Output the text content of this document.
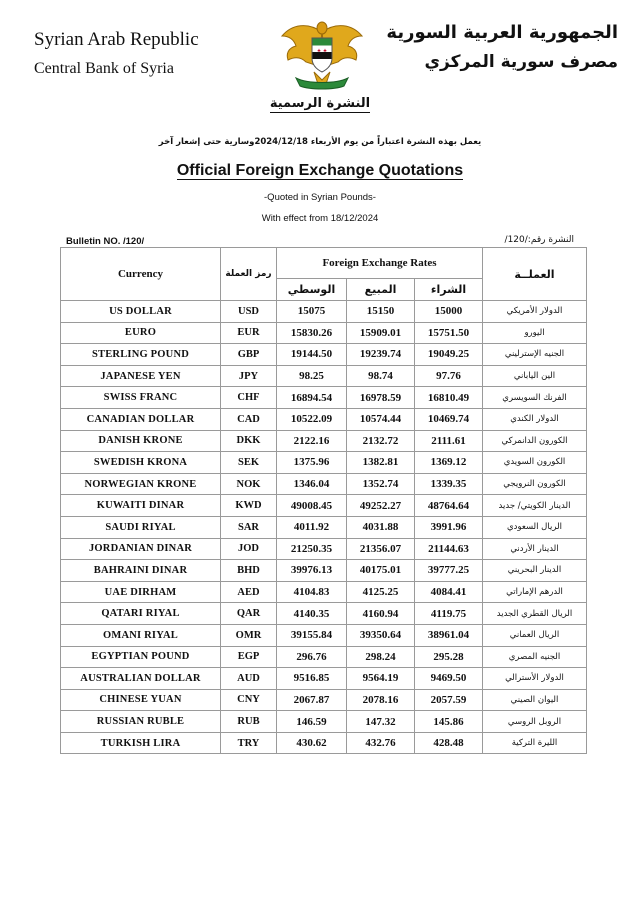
Syrian Arab Republic
Central Bank of Syria
الجمهورية العربية السورية
مصرف سورية المركزي
النشرة الرسمية
يعمل بهذه النشرة اعتباراً من يوم الأربعاء 2024/12/18وسارية حتى إشعار آخر
Official Foreign Exchange Quotations
-Quoted in Syrian Pounds-
With effect from 18/12/2024
Bulletin NO. /120/	النشرة رقم:/120/
Currency	رمز العملة	Foreign Exchange Rates			العملــة
		الوسطي	المبيع	الشراء	
US DOLLAR	USD	15075	15150	15000	الدولار الأمريكي
EURO	EUR	15830.26	15909.01	15751.50	اليورو
STERLING POUND	GBP	19144.50	19239.74	19049.25	الجنيه الإسترليني
JAPANESE YEN	JPY	98.25	98.74	97.76	الين الياباني
SWISS FRANC	CHF	16894.54	16978.59	16810.49	الفرنك السويسري
CANADIAN DOLLAR	CAD	10522.09	10574.44	10469.74	الدولار الكندي
DANISH KRONE	DKK	2122.16	2132.72	2111.61	الكورون الدانمركي
SWEDISH KRONA	SEK	1375.96	1382.81	1369.12	الكورون السويدي
NORWEGIAN KRONE	NOK	1346.04	1352.74	1339.35	الكورون النرويجي
KUWAITI DINAR	KWD	49008.45	49252.27	48764.64	الدينار الكويتي/ جديد
SAUDI RIYAL	SAR	4011.92	4031.88	3991.96	الريال السعودي
JORDANIAN DINAR	JOD	21250.35	21356.07	21144.63	الدينار الأردني
BAHRAINI DINAR	BHD	39976.13	40175.01	39777.25	الدينار البحريني
UAE DIRHAM	AED	4104.83	4125.25	4084.41	الدرهم الإماراتي
QATARI RIYAL	QAR	4140.35	4160.94	4119.75	الريال القطري الجديد
OMANI RIYAL	OMR	39155.84	39350.64	38961.04	الريال العماني
EGYPTIAN POUND	EGP	296.76	298.24	295.28	الجنيه المصري
AUSTRALIAN DOLLAR	AUD	9516.85	9564.19	9469.50	الدولار الأسترالي
CHINESE YUAN	CNY	2067.87	2078.16	2057.59	اليوان الصيني
RUSSIAN RUBLE	RUB	146.59	147.32	145.86	الروبل الروسي
TURKISH LIRA	TRY	430.62	432.76	428.48	الليرة التركية
